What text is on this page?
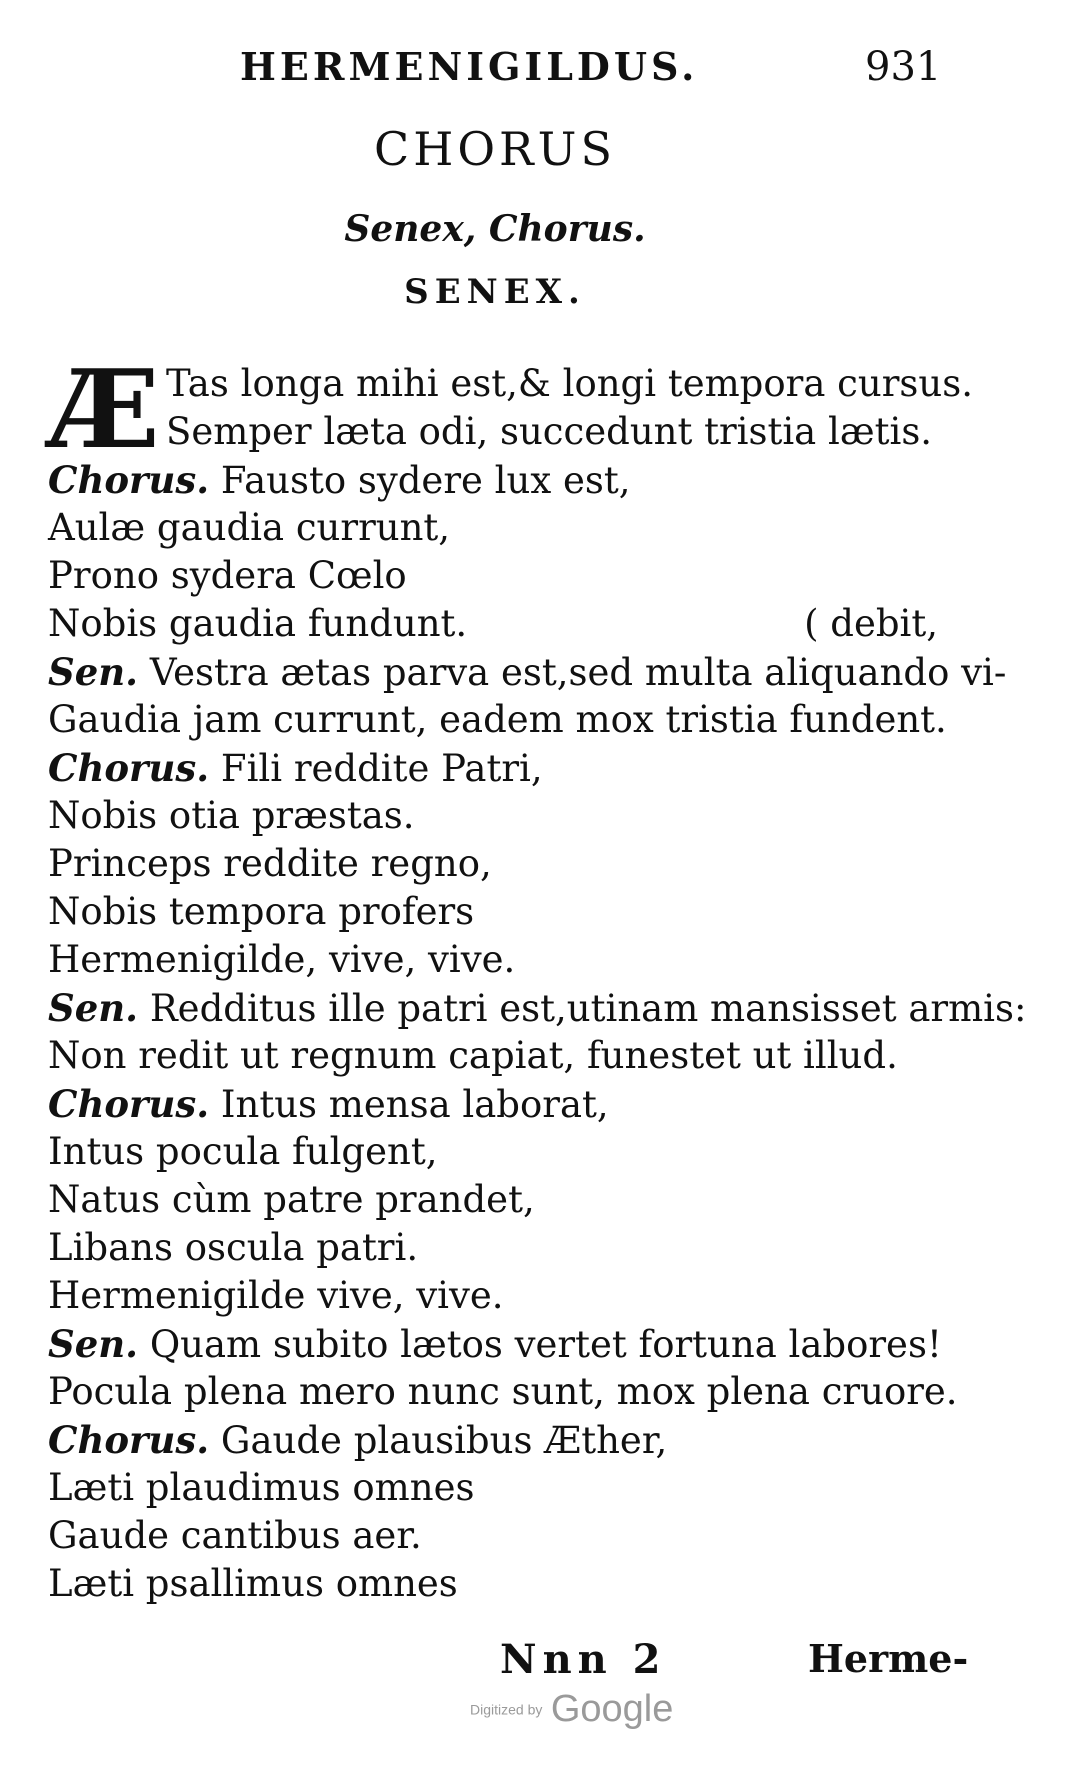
HERMENIGILDUS.	931
CHORUS
Senex, Chorus.
SENEX.
Æ Tas longa mihi est,& longi tempora cursus.
Semper læta odi, succedunt tristia lætis.
Chorus. Fausto sydere lux est,
Aulæ gaudia currunt,
Prono sydera Cœlo
Nobis gaudia fundunt.	( debit,
Sen. Vestra ætas parva est,sed multa aliquando vi-
Gaudia jam currunt, eadem mox tristia fundent.
Chorus. Fili reddite Patri,
Nobis otia præstas.
Princeps reddite regno,
Nobis tempora profers
Hermenigilde, vive, vive.
Sen. Redditus ille patri est,utinam mansisset armis:
Non redit ut regnum capiat, funestet ut illud.
Chorus. Intus mensa laborat,
Intus pocula fulgent,
Natus cùm patre prandet,
Libans oscula patri.
Hermenigilde vive, vive.
Sen. Quam subito lætos vertet fortuna labores!
Pocula plena mero nunc sunt, mox plena cruore.
Chorus. Gaude plausibus Æther,
Læti plaudimus omnes
Gaude cantibus aer.
Læti psallimus omnes
Nnn 2	Herme-
Digitized by Google
